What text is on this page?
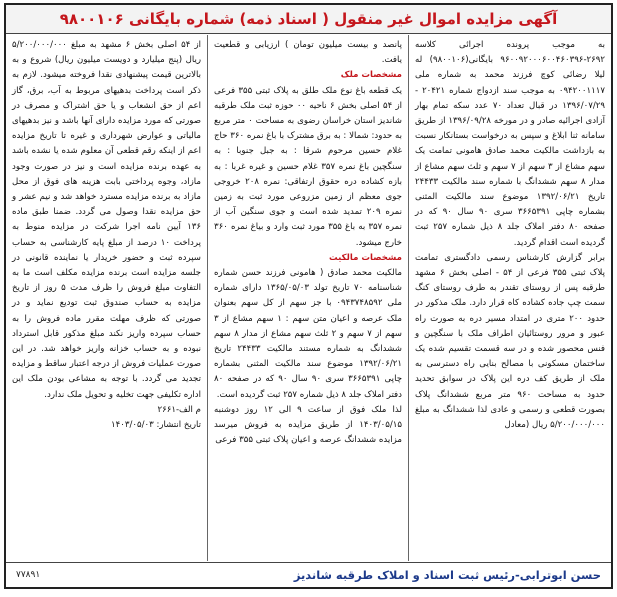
آگهی مزایده اموال غیر منقول ( اسناد ذمه) شماره بایگانی ۹۸۰۰۱۰۶

به موجب پرونده اجرائی کلاسه ۲۶۹۲-۹۶۰۰۹۲۰۰۰۶۰۰۴۶۰۳۹۶ بایگانی(۹۸۰۰۱۰۶) له لیلا رضائی کوچ فرزند محمد به شماره ملی ۰۹۴۲۰۰۱۱۱۷ به موجب سند ازدواج شماره ۲۰۴۲۱ - ۱۳۹۶/۰۷/۲۹ در قبال تعداد ۷۰ عدد سکه تمام بهار آزادی اجرائیه صادر و در مورخه ۱۳۹۶/۰۹/۲۸ از طریق سامانه ثنا ابلاغ و سپس به درخواست بستانکار نسبت به بازداشت مالکیت محمد صادق هامونی تمامت یک سهم مشاع از ۳ سهم از ۷ سهم و ثلث سهم مشاع از مدار ۸ سهم ششدانگ با شماره سند مالکیت ۲۴۴۳۳ تاریخ ۱۳۹۲/۰۶/۲۱ موضوع سند مالکیت المثنی بشماره چاپی ۳۶۶۵۳۹۱ سری ۹۰ سال ۹۰ که در صفحه ۸۰ دفتر املاک جلد ۸ ذیل شماره ۲۵۷ ثبت گردیده است اقدام گردید.

برابر گزارش کارشناس رسمی دادگستری تمامت پلاک ثبتی ۳۵۵ فرعی از ۵۴ - اصلی بخش ۶ مشهد طرقبه پس از روستای تقندر به طرف روستای کنگ سمت چپ جاده کشاده کاه قرار دارد. ملک مذکور در حدود ۲۰۰ متری در امتداد مسیر دره به صورت راه عبور و مرور روستائیان اطراف ملک با سنگچین و فنس محصور شده و در سه قسمت تقسیم شده یک ساختمان مسکونی با مصالح بنایی راه دسترسی به ملک از طریق کف دره این پلاک در سوابق تحدید حدود به مساحت ۹۶۰ متر مربع ششدانگ پلاک بصورت قطعی و رسمی و عادی لذا ششدانگ به مبلغ ۵/۲۰۰/۰۰۰/۰۰۰ ریال (معادل

پانصد و بیست میلیون تومان ) ارزیابی و قطعیت یافت.

مشخصات ملک

یک قطعه باغ نوع ملک طلق به پلاک ثبتی ۳۵۵ فرعی از ۵۴ اصلی بخش ۶ ناحیه ۰۰ حوزه ثبت ملک طرقبه شاندیز استان خراسان رضوی به مساحت ۰ متر مربع به حدود: شمالا : به برق مشترک با باغ نمره ۳۶۰ حاج غلام حسین مرحوم شرقا : به جبل جنوبا : به سنگچین باغ نمره ۳۵۷ غلام حسین و غیره غربا : به بازه کشاده دره حقوق ارتفاقی: نمره ۲۰۸ خروجی جوی معظم از زمین مزروعی مورد ثبت به زمین نمره ۲۰۹ تمدید شده است و جوی سنگین آب از نمره ۳۵۷ به باغ ۳۵۵ مورد ثبت وارد و بیاغ نمره ۳۶۰ خارج میشود.

مشخصات مالکیت

مالکیت محمد صادق ( هامونی فرزند حسن شماره شناسنامه ۷۰ تاریخ تولد ۱۳۶۵/۰۵/۰۳ دارای شماره ملی ۰۹۴۳۷۴۸۵۹۲ با جز سهم از کل سهم بعنوان ملک عرصه و اعیان متن سهم : ۱ سهم مشاع از ۳ سهم از ۷ سهم و ۲ ثلث سهم مشاع از مدار ۸ سهم ششدانگ به شماره مستند مالکیت ۲۴۴۳۳ تاریخ ۱۳۹۲/۰۶/۲۱ موضوع سند مالکیت المثنی بشماره چاپی ۳۶۶۵۳۹۱ سری ۹۰ سال ۹۰ که در صفحه ۸۰ دفتر املاک جلد ۸ ذیل شماره ۲۵۷ ثبت گردیده است.

لذا ملک فوق از ساعت ۹ الی ۱۲ روز دوشنبه ۱۴۰۳/۰۵/۱۵ از طریق مزایده به فروش میرسد مزایده ششدانگ عرصه و اعیان پلاک ثبتی ۳۵۵ فرعی

از ۵۴ اصلی بخش ۶ مشهد به مبلغ ۵/۲۰۰/۰۰۰/۰۰۰ ریال (پنج میلیارد و دویست میلیون ریال) شروع و به بالاترین قیمت پیشنهادی نقدا فروخته میشود. لازم به ذکر است پرداخت بدهیهای مربوط به آب، برق، گاز اعم از حق انشعاب و یا حق اشتراک و مصرف در صورتی که مورد مزایده دارای آنها باشد و نیز بدهیهای مالیاتی و عوارض شهرداری و غیره تا تاریخ مزایده اعم از اینکه رقم قطعی آن معلوم شده یا نشده باشد به عهده برنده مزایده است و نیز در صورت وجود مازاد، وجوه پرداختی بابت هزینه های فوق از محل مازاد به برنده مزایده مسترد خواهد شد و نیم عشر و حق مزایده نقدا وصول می گردد. ضمنا طبق ماده ۱۳۶ آیین نامه اجرا شرکت در مزایده منوط به پرداخت ۱۰ درصد از مبلغ پایه کارشناسی به حساب سپرده ثبت و حضور خریدار یا نماینده قانونی در جلسه مزایده است برنده مزایده مکلف است ما به التفاوت مبلغ فروش را ظرف مدت ۵ روز از تاریخ مزایده به حساب صندوق ثبت تودیع نماید و در صورتی که ظرف مهلت مقرر ماده فروش را به حساب سپرده واریز نکند مبلغ مذکور قابل استرداد نبوده و به حساب خزانه واریز خواهد شد. در این صورت عملیات فروش از درجه اعتبار ساقط و مزایده تجدید می گردد. با توجه به مشاعی بودن ملک این اداره تکلیفی جهت تخلیه و تحویل ملک ندارد.

م الف-۲۶۶۱

تاریخ انتشار: ۱۴۰۳/۰۵/۰۳

حسن ابوترابی-رئیس ثبت اسناد و املاک طرقبه شاندیز
۷۷۸۹۱
